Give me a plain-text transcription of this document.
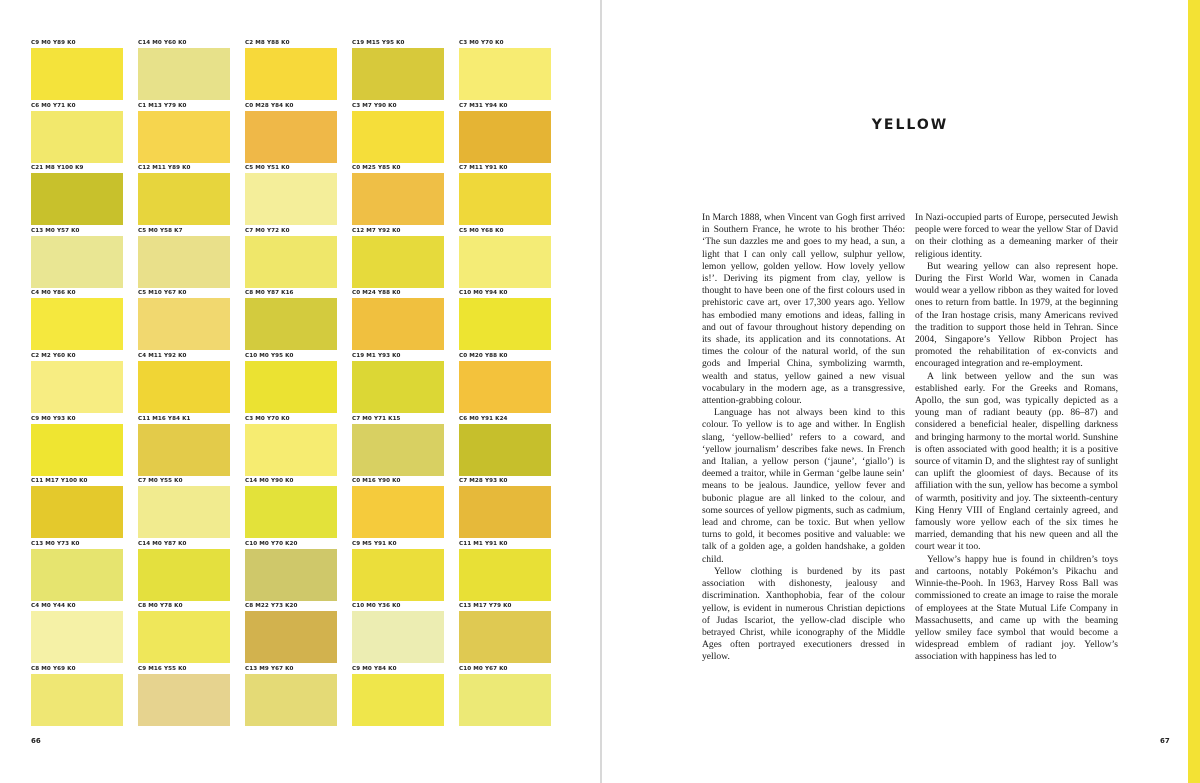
C9 M0 Y89 K0	C14 M0 Y60 K0	C2 M8 Y88 K0	C19 M15 Y95 K0	C3 M0 Y70 K0
C6 M0 Y71 K0	C1 M13 Y79 K0	C0 M28 Y84 K0	C3 M7 Y90 K0	C7 M31 Y94 K0
C21 M8 Y100 K9	C12 M11 Y89 K0	C5 M0 Y51 K0	C0 M25 Y85 K0	C7 M11 Y91 K0
C13 M0 Y57 K0	C5 M0 Y58 K7	C7 M0 Y72 K0	C12 M7 Y92 K0	C5 M0 Y68 K0
C4 M0 Y86 K0	C5 M10 Y67 K0	C8 M0 Y87 K16	C0 M24 Y88 K0	C10 M0 Y94 K0
C2 M2 Y60 K0	C4 M11 Y92 K0	C10 M0 Y95 K0	C19 M1 Y93 K0	C0 M20 Y88 K0
C9 M0 Y93 K0	C11 M16 Y84 K1	C3 M0 Y70 K0	C7 M0 Y71 K15	C6 M0 Y91 K24
C11 M17 Y100 K0	C7 M0 Y55 K0	C14 M0 Y90 K0	C0 M16 Y90 K0	C7 M28 Y93 K0
C13 M0 Y73 K0	C14 M0 Y87 K0	C10 M0 Y70 K20	C9 M5 Y91 K0	C11 M1 Y91 K0
C4 M0 Y44 K0	C8 M0 Y78 K0	C8 M22 Y73 K20	C10 M0 Y36 K0	C13 M17 Y79 K0
C8 M0 Y69 K0	C9 M16 Y55 K0	C13 M9 Y67 K0	C9 M0 Y84 K0	C10 M0 Y67 K0
66
YELLOW

In March 1888, when Vincent van Gogh first arrived in Southern France, he wrote to his brother Théo: ‘The sun dazzles me and goes to my head, a sun, a light that I can only call yellow, sulphur yellow, lemon yellow, golden yellow. How lovely yellow is!’. Deriving its pigment from clay, yellow is thought to have been one of the first colours used in prehistoric cave art, over 17,300 years ago. Yellow has embodied many emotions and ideas, falling in and out of favour throughout history depending on its shade, its application and its connotations. At times the colour of the natural world, of the sun gods and Imperial China, symbolizing warmth, wealth and status, yellow gained a new visual vocabulary in the modern age, as a transgressive, attention-grabbing colour.

Language has not always been kind to this colour. To yellow is to age and wither. In English slang, ‘yellow-bellied’ refers to a coward, and ‘yellow journalism’ describes fake news. In French and Italian, a yellow person (‘jaune’, ‘giallo’) is deemed a traitor, while in German ‘gelbe laune sein’ means to be jealous. Jaundice, yellow fever and bubonic plague are all linked to the colour, and some sources of yellow pigments, such as cadmium, lead and chrome, can be toxic. But when yellow turns to gold, it becomes positive and valuable: we talk of a golden age, a golden handshake, a golden child.

Yellow clothing is burdened by its past association with dishonesty, jealousy and discrimination. Xanthophobia, fear of the colour yellow, is evident in numerous Christian depictions of Judas Iscariot, the yellow-clad disciple who betrayed Christ, while iconography of the Middle Ages often portrayed executioners dressed in yellow.

In Nazi-occupied parts of Europe, persecuted Jewish people were forced to wear the yellow Star of David on their clothing as a demeaning marker of their religious identity.

But wearing yellow can also represent hope. During the First World War, women in Canada would wear a yellow ribbon as they waited for loved ones to return from battle. In 1979, at the beginning of the Iran hostage crisis, many Americans revived the tradition to support those held in Tehran. Since 2004, Singapore’s Yellow Ribbon Project has promoted the rehabilitation of ex-convicts and encouraged integration and re-employment.

A link between yellow and the sun was established early. For the Greeks and Romans, Apollo, the sun god, was typically depicted as a young man of radiant beauty (pp. 86–87) and considered a beneficial healer, dispelling darkness and bringing harmony to the mortal world. Sunshine is often associated with good health; it is a positive source of vitamin D, and the slightest ray of sunlight can uplift the gloomiest of days. Because of its affiliation with the sun, yellow has become a symbol of warmth, positivity and joy. The sixteenth-century King Henry VIII of England certainly agreed, and famously wore yellow each of the six times he married, demanding that his new queen and all the court wear it too.

Yellow’s happy hue is found in children’s toys and cartoons, notably Pokémon’s Pikachu and Winnie-the-Pooh. In 1963, Harvey Ross Ball was commissioned to create an image to raise the morale of employees at the State Mutual Life Company in Massachusetts, and came up with the beaming yellow smiley face symbol that would become a widespread emblem of radiant joy. Yellow’s association with happiness has led to

67
